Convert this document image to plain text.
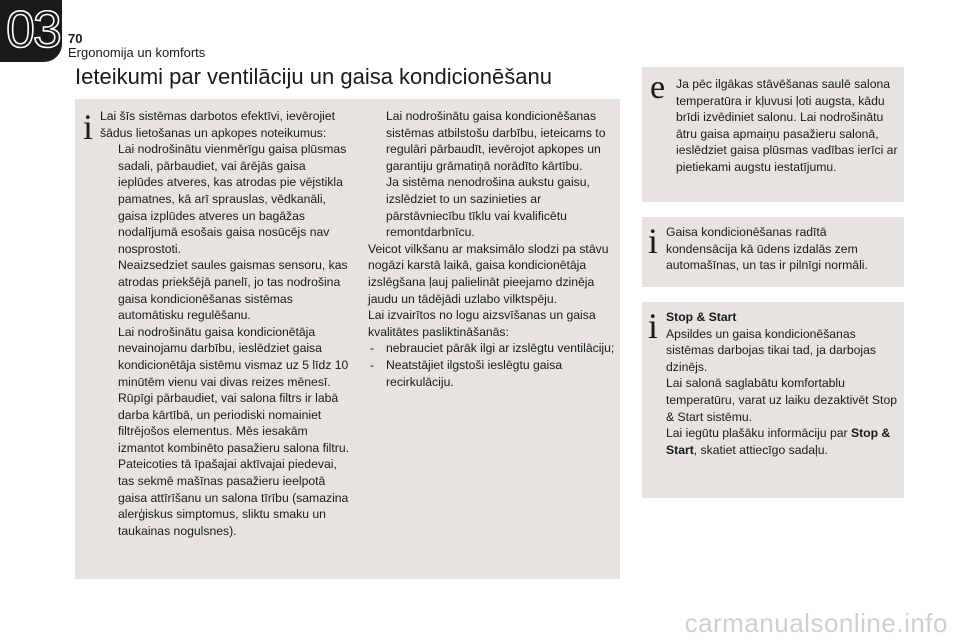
03 70
Ergonomija un komforts
Ieteikumi par ventilāciju un gaisa kondicionēšanu
i Lai šīs sistēmas darbotos efektīvi, ievērojiet šādus lietošanas un apkopes noteikumus:

Lai nodrošinātu vienmērīgu gaisa plūsmas sadali, pārbaudiet, vai ārējās gaisa ieplūdes atveres, kas atrodas pie vējstikla pamatnes, kā arī sprauslas, vēdkanāli, gaisa izplūdes atveres un bagāžas nodalījumā esošais gaisa nosūcējs nav nosprostoti.

Neaizsedziet saules gaismas sensoru, kas atrodas priekšējā panelī, jo tas nodrošina gaisa kondicionēšanas sistēmas automātisku regulēšanu.

Lai nodrošinātu gaisa kondicionētāja nevainojamu darbību, ieslēdziet gaisa kondicionētāja sistēmu vismaz uz 5 līdz 10 minūtēm vienu vai divas reizes mēnesī.

Rūpīgi pārbaudiet, vai salona filtrs ir labā darba kārtībā, un periodiski nomainiet filtrējošos elementus. Mēs iesakām izmantot kombinēto pasažieru salona filtru. Pateicoties tā īpašajai aktīvajai piedevai, tas sekmē mašīnas pasažieru ieelpotā gaisa attīrīšanu un salona tīrību (samazina alerģiskus simptomus, sliktu smaku un taukainas nogulsnes).

Lai nodrošinātu gaisa kondicionēšanas sistēmas atbilstošu darbību, ieteicams to regulāri pārbaudīt, ievērojot apkopes un garantiju grāmatiņā norādīto kārtību.

Ja sistēma nenodrošina aukstu gaisu, izslēdziet to un sazinieties ar pārstāvniecību tīklu vai kvalificētu remontdarbnīcu.

Veicot vilkšanu ar maksimālo slodzi pa stāvu nogāzi karstā laikā, gaisa kondicionētāja izslēgšana ļauj palielināt pieejamo dzinēja jaudu un tādējādi uzlabo vilktspēju.

Lai izvairītos no logu aizsvīšanas un gaisa kvalitātes pasliktināšanās:

- nebrauciet pārāk ilgi ar izslēgtu ventilāciju;

- Neatstājiet ilgstoši ieslēgtu gaisa recirkulāciju.

e Ja pēc ilgākas stāvēšanas saulē salona temperatūra ir kļuvusi ļoti augsta, kādu brīdi izvēdiniet salonu. Lai nodrošinātu ātru gaisa apmaiņu pasažieru salonā, ieslēdziet gaisa plūsmas vadības ierīci ar pietiekami augstu iestatījumu.
i Gaisa kondicionēšanas radītā kondensācija kā ūdens izdalās zem automašīnas, un tas ir pilnīgi normāli.
i Stop & Start

Apsildes un gaisa kondicionēšanas sistēmas darbojas tikai tad, ja darbojas dzinējs.

Lai salonā saglabātu komfortablu temperatūru, varat uz laiku dezaktivēt Stop & Start sistēmu.

Lai iegūtu plašāku informāciju par Stop & Start, skatiet attiecīgo sadaļu.

carmanualsonline.info
